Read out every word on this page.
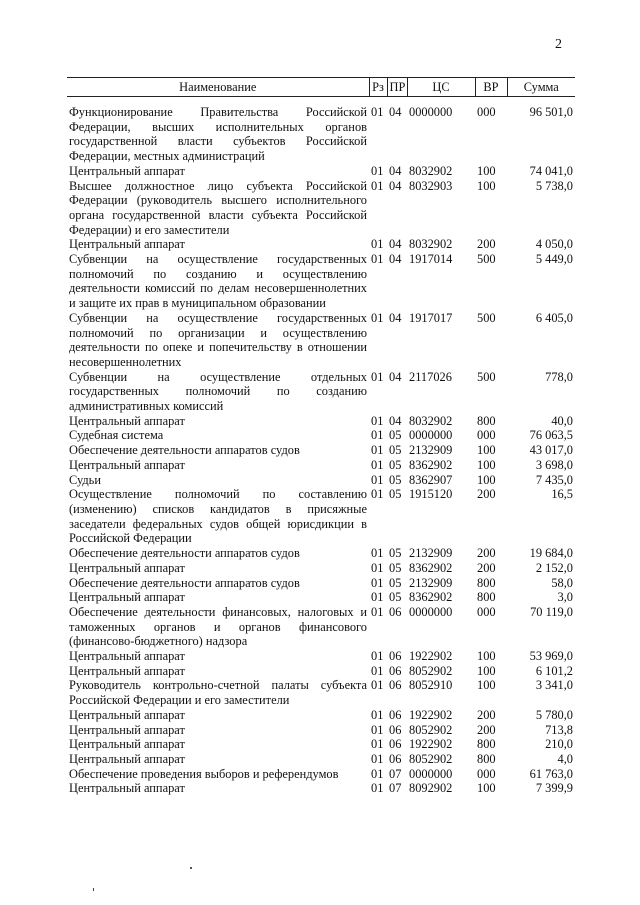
2
Наименование	Рз	ПР	ЦС	ВР	Сумма

Функционирование Правительства Российской Федерации, высших исполнительных органов государственной власти субъектов Российской Федерации, местных администраций	01	04	0000000	000	96 501,0
Центральный аппарат	01	04	8032902	100	74 041,0
Высшее должностное лицо субъекта Российской Федерации (руководитель высшего исполнительного органа государственной власти субъекта Российской Федерации) и его заместители	01	04	8032903	100	5 738,0
Центральный аппарат	01	04	8032902	200	4 050,0
Субвенции на осуществление государственных полномочий по созданию и осуществлению деятельности комиссий по делам несовершеннолетних и защите их прав в муниципальном образовании	01	04	1917014	500	5 449,0
Субвенции на осуществление государственных полномочий по организации и осуществлению деятельности по опеке и попечительству в отношении несовершеннолетних	01	04	1917017	500	6 405,0
Субвенции на осуществление отдельных государственных полномочий по созданию административных комиссий	01	04	2117026	500	778,0
Центральный аппарат	01	04	8032902	800	40,0
Судебная система	01	05	0000000	000	76 063,5
Обеспечение деятельности аппаратов судов	01	05	2132909	100	43 017,0
Центральный аппарат	01	05	8362902	100	3 698,0
Судьи	01	05	8362907	100	7 435,0
Осуществление полномочий по составлению (изменению) списков кандидатов в присяжные заседатели федеральных судов общей юрисдикции в Российской Федерации	01	05	1915120	200	16,5
Обеспечение деятельности аппаратов судов	01	05	2132909	200	19 684,0
Центральный аппарат	01	05	8362902	200	2 152,0
Обеспечение деятельности аппаратов судов	01	05	2132909	800	58,0
Центральный аппарат	01	05	8362902	800	3,0
Обеспечение деятельности финансовых, налоговых и таможенных органов и органов финансового (финансово-бюджетного) надзора	01	06	0000000	000	70 119,0
Центральный аппарат	01	06	1922902	100	53 969,0
Центральный аппарат	01	06	8052902	100	6 101,2
Руководитель контрольно-счетной палаты субъекта Российской Федерации и его заместители	01	06	8052910	100	3 341,0
Центральный аппарат	01	06	1922902	200	5 780,0
Центральный аппарат	01	06	8052902	200	713,8
Центральный аппарат	01	06	1922902	800	210,0
Центральный аппарат	01	06	8052902	800	4,0
Обеспечение проведения выборов и референдумов	01	07	0000000	000	61 763,0
Центральный аппарат	01	07	8092902	100	7 399,9
